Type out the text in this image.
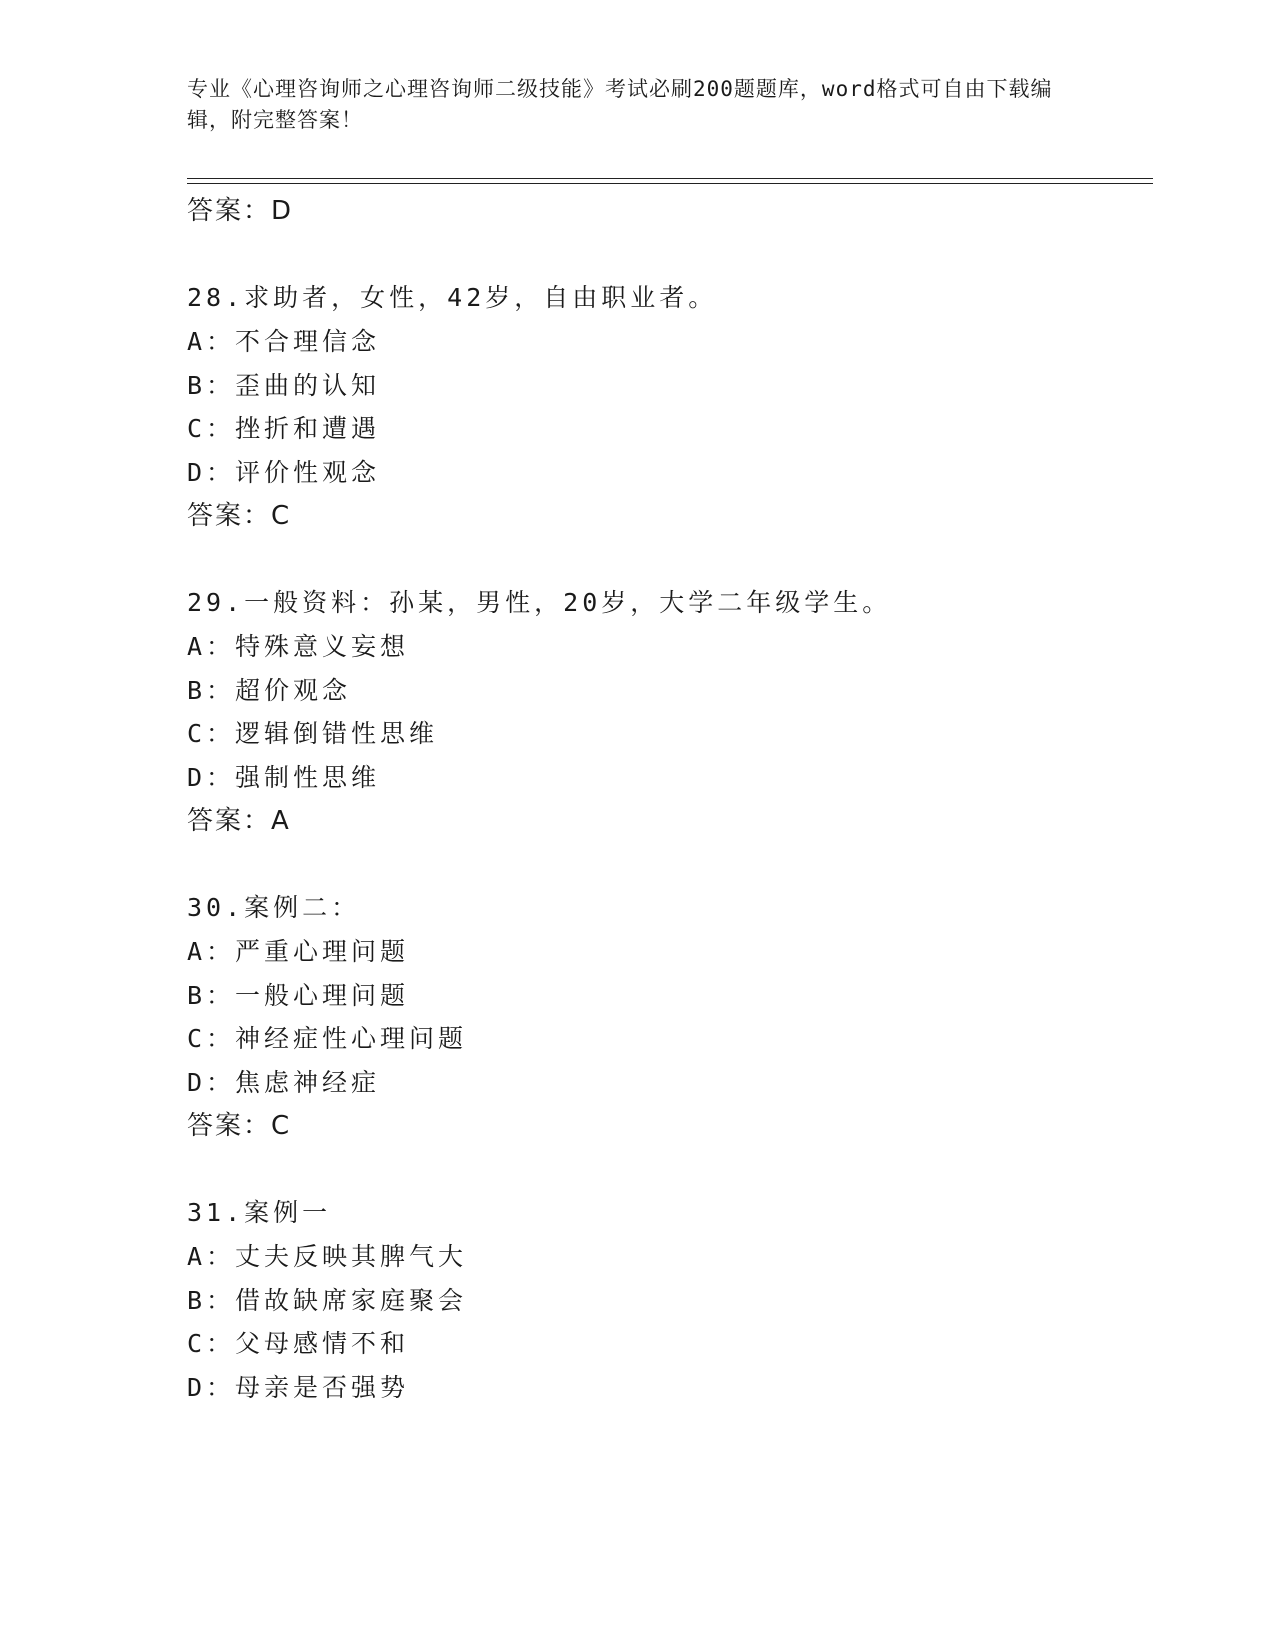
专业《心理咨询师之心理咨询师二级技能》考试必刷200题题库，word格式可自由下载编辑，附完整答案！
答案：D
28.求助者，女性，42岁，自由职业者。
A：不合理信念
B：歪曲的认知
C：挫折和遭遇
D：评价性观念
答案：C
29.一般资料：孙某，男性，20岁，大学二年级学生。
A：特殊意义妄想
B：超价观念
C：逻辑倒错性思维
D：强制性思维
答案：A
30.案例二：
A：严重心理问题
B：一般心理问题
C：神经症性心理问题
D：焦虑神经症
答案：C
31.案例一
A：丈夫反映其脾气大
B：借故缺席家庭聚会
C：父母感情不和
D：母亲是否强势
